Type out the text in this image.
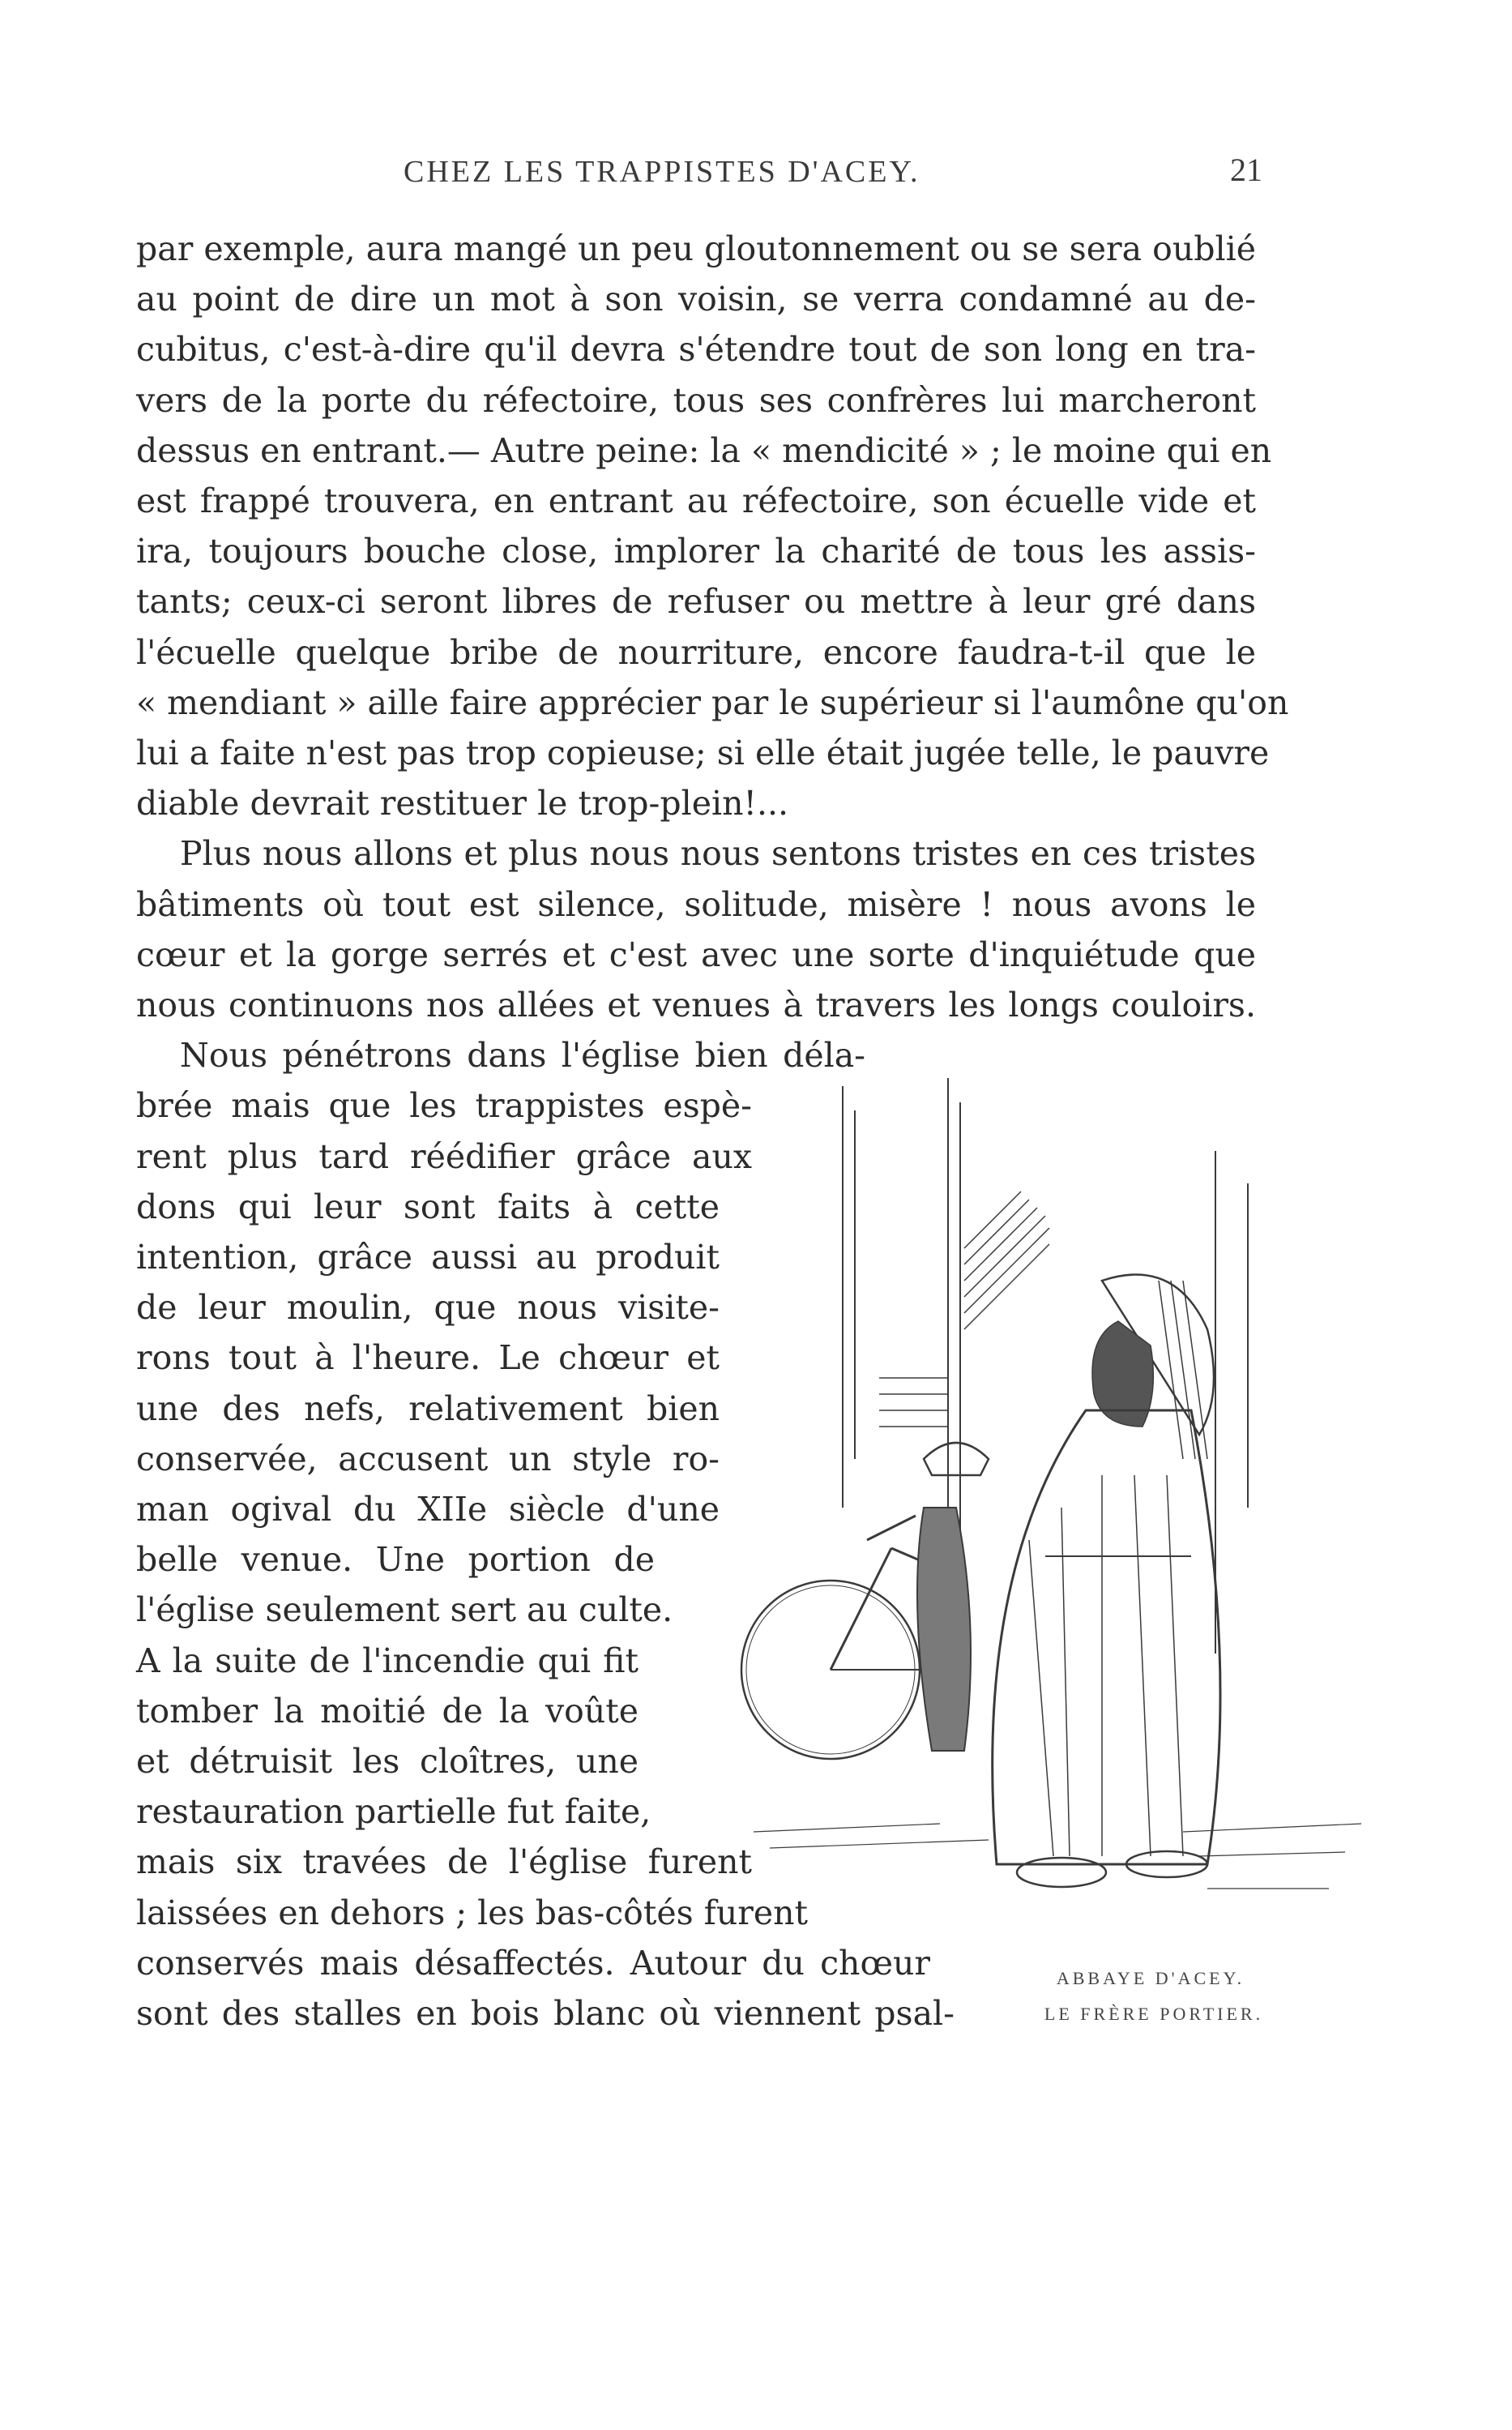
CHEZ LES TRAPPISTES D'ACEY.	21
par exemple, aura mangé un peu gloutonnement ou se sera oublié
au point de dire un mot à son voisin, se verra condamné au de-
cubitus, c'est-à-dire qu'il devra s'étendre tout de son long en tra-
vers de la porte du réfectoire, tous ses confrères lui marcheront
dessus en entrant.— Autre peine: la « mendicité » ; le moine qui en
est frappé trouvera, en entrant au réfectoire, son écuelle vide et
ira, toujours bouche close, implorer la charité de tous les assis-
tants; ceux-ci seront libres de refuser ou mettre à leur gré dans
l'écuelle quelque bribe de nourriture, encore faudra-t-il que le
« mendiant » aille faire apprécier par le supérieur si l'aumône qu'on
lui a faite n'est pas trop copieuse; si elle était jugée telle, le pauvre
diable devrait restituer le trop-plein!...
Plus nous allons et plus nous nous sentons tristes en ces tristes
bâtiments où tout est silence, solitude, misère ! nous avons le
cœur et la gorge serrés et c'est avec une sorte d'inquiétude que
nous continuons nos allées et venues à travers les longs couloirs.
Nous pénétrons dans l'église bien déla-
brée mais que les trappistes espè-
rent plus tard réédifier grâce aux
dons qui leur sont faits à cette
intention, grâce aussi au produit
de leur moulin, que nous visite-
rons tout à l'heure. Le chœur et
une des nefs, relativement bien
conservée, accusent un style ro-
man ogival du XIIe siècle d'une
belle venue. Une portion de
l'église seulement sert au culte.
A la suite de l'incendie qui fit
tomber la moitié de la voûte
et détruisit les cloîtres, une
restauration partielle fut faite,
mais six travées de l'église furent
laissées en dehors ; les bas-côtés furent
conservés mais désaffectés. Autour du chœur
sont des stalles en bois blanc où viennent psal-
ABBAYE D'ACEY.
LE FRÈRE PORTIER.
